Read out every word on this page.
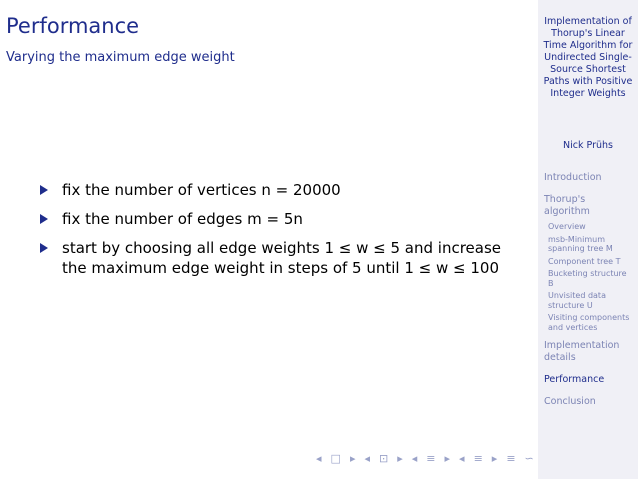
Performance
Varying the maximum edge weight
fix the number of vertices n = 20000
fix the number of edges m = 5n
start by choosing all edge weights 1 ≤ w ≤ 5 and increase the maximum edge weight in steps of 5 until 1 ≤ w ≤ 100
◂ □ ▸ ◂ ⊡ ▸ ◂ ≡ ▸ ◂ ≡ ▸ ≡ ∽
Implementation of Thorup's Linear Time Algorithm for Undirected Single-Source Shortest Paths with Positive Integer Weights
Nick Prühs
Introduction
Thorup's algorithm
Overview
msb-Minimum spanning tree M
Component tree T
Bucketing structure B
Unvisited data structure U
Visiting components and vertices
Implementation details
Performance
Conclusion
